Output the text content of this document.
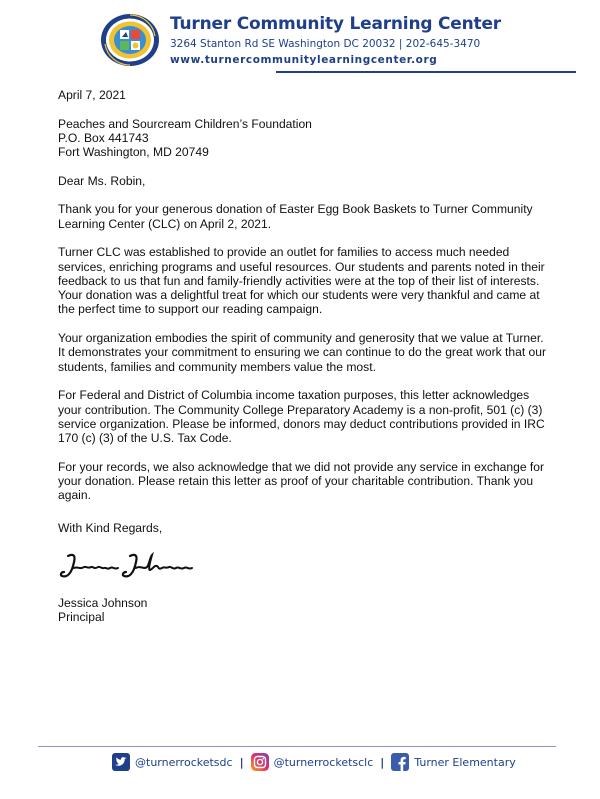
Turner Community Learning Center
3264 Stanton Rd SE Washington DC 20032 | 202-645-3470
www.turnercommunitylearningcenter.org

April 7, 2021

Peaches and Sourcream Children’s Foundation
P.O. Box 441743
Fort Washington, MD 20749

Dear Ms. Robin,

Thank you for your generous donation of Easter Egg Book Baskets to Turner Community Learning Center (CLC) on April 2, 2021.

Turner CLC was established to provide an outlet for families to access much needed services, enriching programs and useful resources. Our students and parents noted in their feedback to us that fun and family-friendly activities were at the top of their list of interests. Your donation was a delightful treat for which our students were very thankful and came at the perfect time to support our reading campaign.

Your organization embodies the spirit of community and generosity that we value at Turner. It demonstrates your commitment to ensuring we can continue to do the great work that our students, families and community members value the most.

For Federal and District of Columbia income taxation purposes, this letter acknowledges your contribution. The Community College Preparatory Academy is a non-profit, 501 (c) (3) service organization. Please be informed, donors may deduct contributions provided in IRC 170 (c) (3) of the U.S. Tax Code.

For your records, we also acknowledge that we did not provide any service in exchange for your donation. Please retain this letter as proof of your charitable contribution. Thank you again.

With Kind Regards,

Jessica Johnson
Principal
@turnerrocketsdc |	@turnerrocketsclc |	Turner Elementary
